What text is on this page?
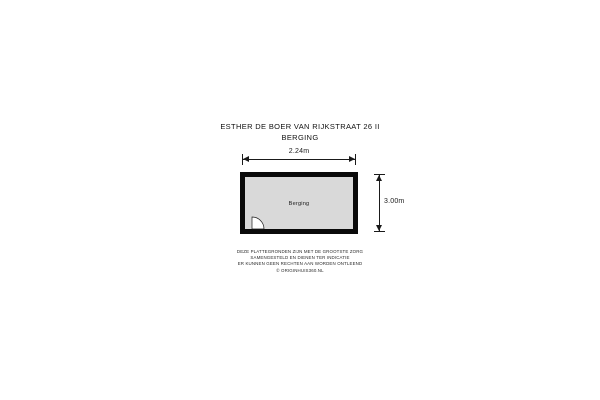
ESTHER DE BOER VAN RIJKSTRAAT 26 II
BERGING
2.24m
Berging	3.00m
DEZE PLATTEGRONDEN ZIJN MET DE GROOTSTE ZORG
SAMENGESTELD EN DIENEN TER INDICATIE
ER KUNNEN GEEN RECHTEN AAN WORDEN ONTLEEND
© ORIGINHUIS360.NL
